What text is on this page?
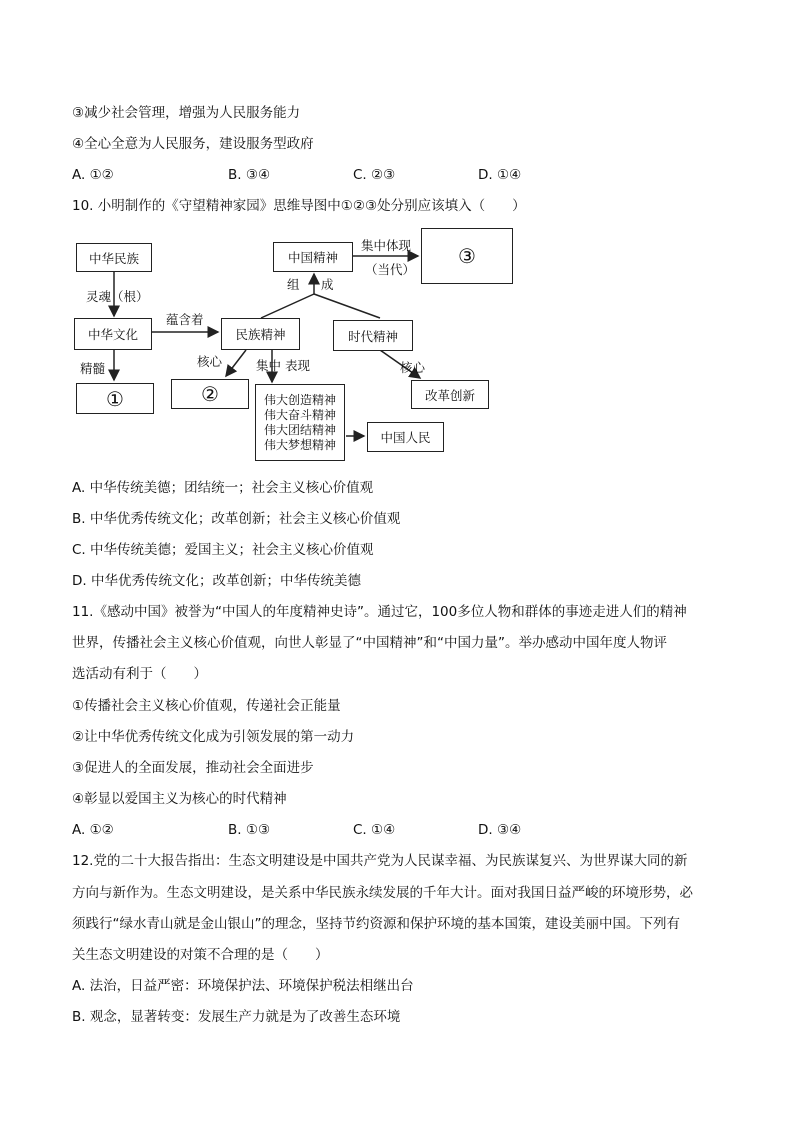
③减少社会管理，增强为人民服务能力
④全心全意为人民服务，建设服务型政府
A. ①②	B. ③④	C. ②③	D. ①④
10. 小明制作的《守望精神家园》思维导图中①②③处分别应该填入（　　）
中华民族
灵魂（根）
中华文化
精髓
①
蕴含着
民族精神
核心
②
集中 表现
伟大创造精神
伟大奋斗精神
伟大团结精神
伟大梦想精神	中国人民
中国精神
组 成
集中体现
（当代）
③
时代精神
核心
改革创新
A. 中华传统美德；团结统一；社会主义核心价值观
B. 中华优秀传统文化；改革创新；社会主义核心价值观
C. 中华传统美德；爱国主义；社会主义核心价值观
D. 中华优秀传统文化；改革创新；中华传统美德
11.《感动中国》被誉为“中国人的年度精神史诗”。通过它，100多位人物和群体的事迹走进人们的精神
世界，传播社会主义核心价值观，向世人彰显了“中国精神”和“中国力量”。举办感动中国年度人物评
选活动有利于（　　）
①传播社会主义核心价值观，传递社会正能量
②让中华优秀传统文化成为引领发展的第一动力
③促进人的全面发展，推动社会全面进步
④彰显以爱国主义为核心的时代精神
A. ①②	B. ①③	C. ①④	D. ③④
12.党的二十大报告指出：生态文明建设是中国共产党为人民谋幸福、为民族谋复兴、为世界谋大同的新
方向与新作为。生态文明建设，是关系中华民族永续发展的千年大计。面对我国日益严峻的环境形势，必
须践行“绿水青山就是金山银山”的理念，坚持节约资源和保护环境的基本国策，建设美丽中国。下列有
关生态文明建设的对策不合理的是（　　）
A. 法治，日益严密：环境保护法、环境保护税法相继出台
B. 观念，显著转变：发展生产力就是为了改善生态环境
